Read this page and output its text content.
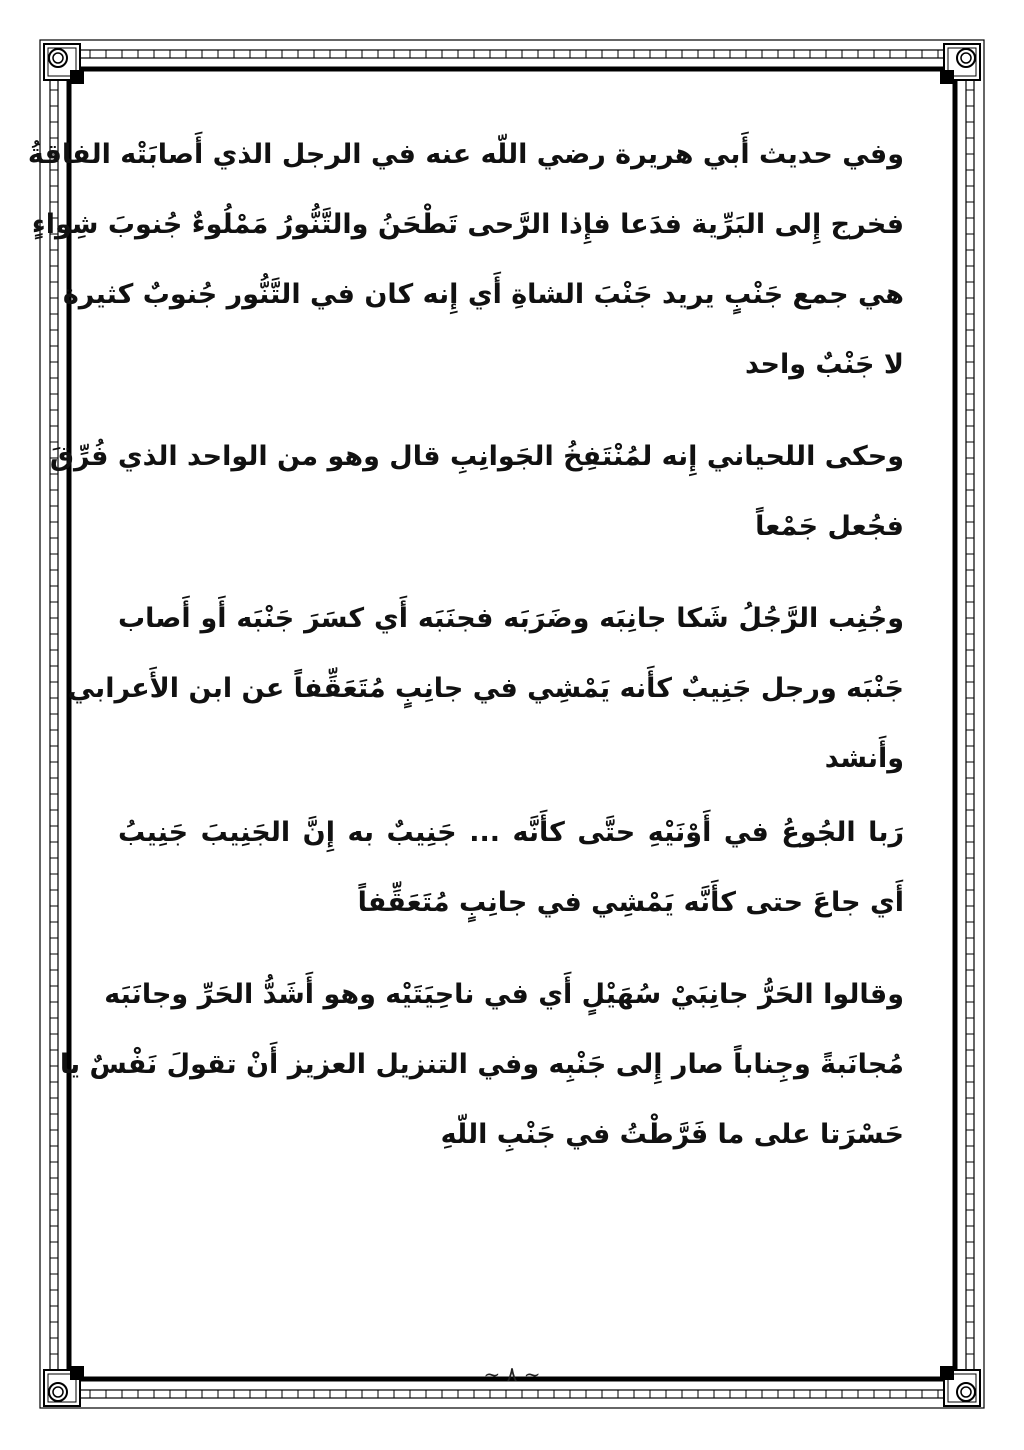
وفي حديث أَبي هريرة رضي اللّه عنه في الرجل الذي أَصابَتْه الفاقةُ
فخرج إِلى البَرِّية فدَعا فإِذا الرَّحى تَطْحَنُ والتَّنُّورُ مَمْلُوءٌ جُنوبَ شِواءٍ
هي جمع جَنْبٍ يريد جَنْبَ الشاةِ أَي إِنه كان في التَّنُّور جُنوبٌ كثيرة
لا جَنْبٌ واحد
وحكى اللحياني إِنه لمُنْتَفِخُ الجَوانِبِ قال وهو من الواحد الذي فُرِّقَ
فجُعل جَمْعاً
وجُنِب الرَّجُلُ شَكا جانِبَه وضَرَبَه فجنَبَه أَي كسَرَ جَنْبَه أَو أَصاب
جَنْبَه ورجل جَنِيبٌ كأَنه يَمْشِي في جانِبٍ مُتَعَقِّفاً عن ابن الأَعرابي
وأَنشد
رَبا الجُوعُ في أَوْنَيْهِ حتَّى كأَنَّه ... جَنِيبٌ به إِنَّ الجَنِيبَ جَنِيبُ
أَي جاعَ حتى كأَنَّه يَمْشِي في جانِبٍ مُتَعَقِّفاً
وقالوا الحَرُّ جانِبَيْ سُهَيْلٍ أَي في ناحِيَتَيْه وهو أَشَدُّ الحَرِّ وجانَبَه
مُجانَبةً وجِناباً صار إِلى جَنْبِه وفي التنزيل العزيز أَنْ تقولَ نَفْسٌ يا
حَسْرَتا على ما فَرَّطْتُ في جَنْبِ اللّهِ
~ ٨ ~
